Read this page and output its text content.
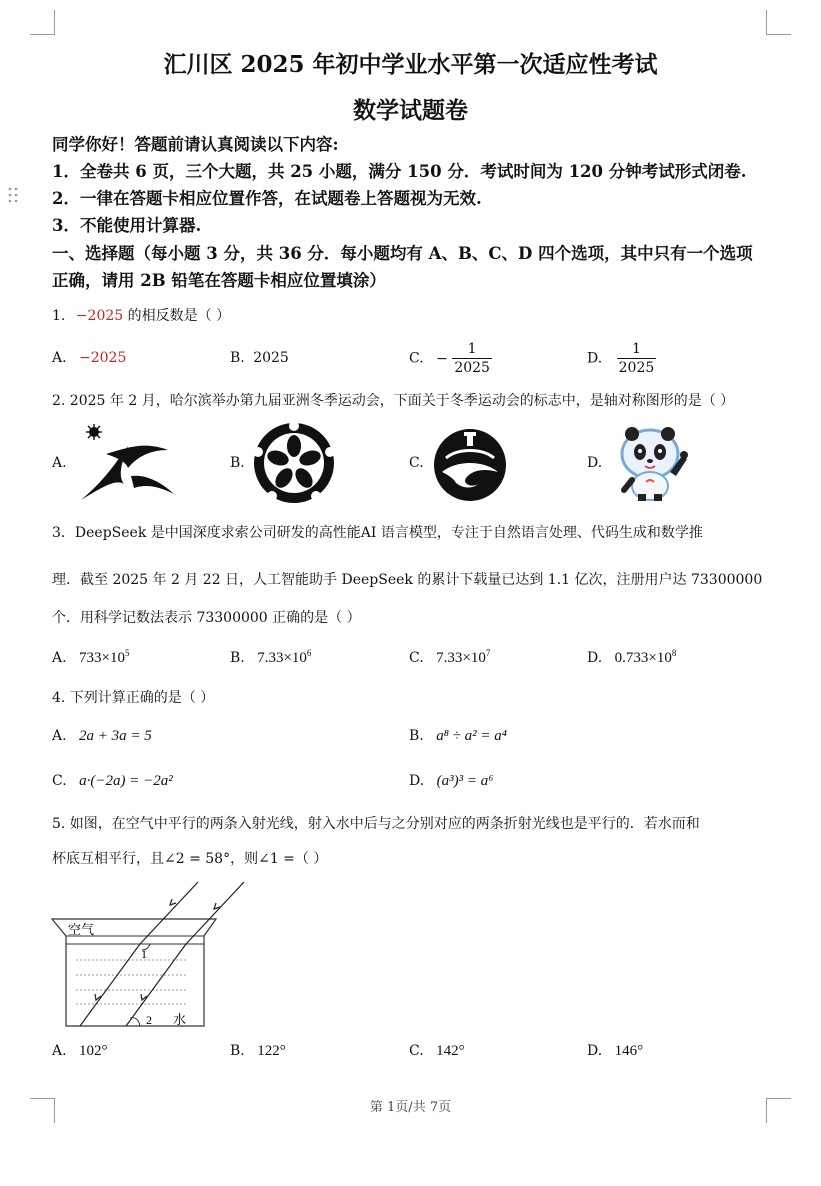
汇川区 2025 年初中学业水平第一次适应性考试
数学试题卷
同学你好！答题前请认真阅读以下内容:
1．全卷共 6 页，三个大题，共 25 小题，满分 150 分．考试时间为 120 分钟考试形式闭卷.
2．一律在答题卡相应位置作答，在试题卷上答题视为无效.
3．不能使用计算器.
一、选择题（每小题 3 分，共 36 分．每小题均有 A、B、C、D 四个选项，其中只有一个选项
正确，请用 2B 铅笔在答题卡相应位置填涂）
1. −2025 的相反数是（ ）
A. −2025	B. 2025	C. − $\frac{1}{2025}$	D. $\frac{1}{2025}$
2. 2025 年 2 月，哈尔滨举办第九届亚洲冬季运动会，下面关于冬季运动会的标志中，是轴对称图形的是（ ）
A.	B.	C.	D.
3．DeepSeek 是中国深度求索公司研发的高性能AI 语言模型，专注于自然语言处理、代码生成和数学推
理．截至 2025 年 2 月 22 日，人工智能助手 DeepSeek 的累计下载量已达到 1.1 亿次，注册用户达 73300000
个．用科学记数法表示 73300000 正确的是（ ）
A. $733\times 10^5$	B. $7.33\times 10^6$	C. $7.33\times 10^7$	D. $0.733\times 10^8$
4. 下列计算正确的是（ ）
A. 2a + 3a = 5	B. a⁸ ÷ a² = a⁴
C. a·(−2a) = −2a²	D. (a³)³ = a⁶
5. 如图，在空气中平行的两条入射光线，射入水中后与之分别对应的两条折射光线也是平行的．若水而和
杯底互相平行，且∠2 = 58°，则∠1 =（ ）
空气
1
2 水
A. 102°	B. 122°	C. 142°	D. 146°
第 1页/共 7页
